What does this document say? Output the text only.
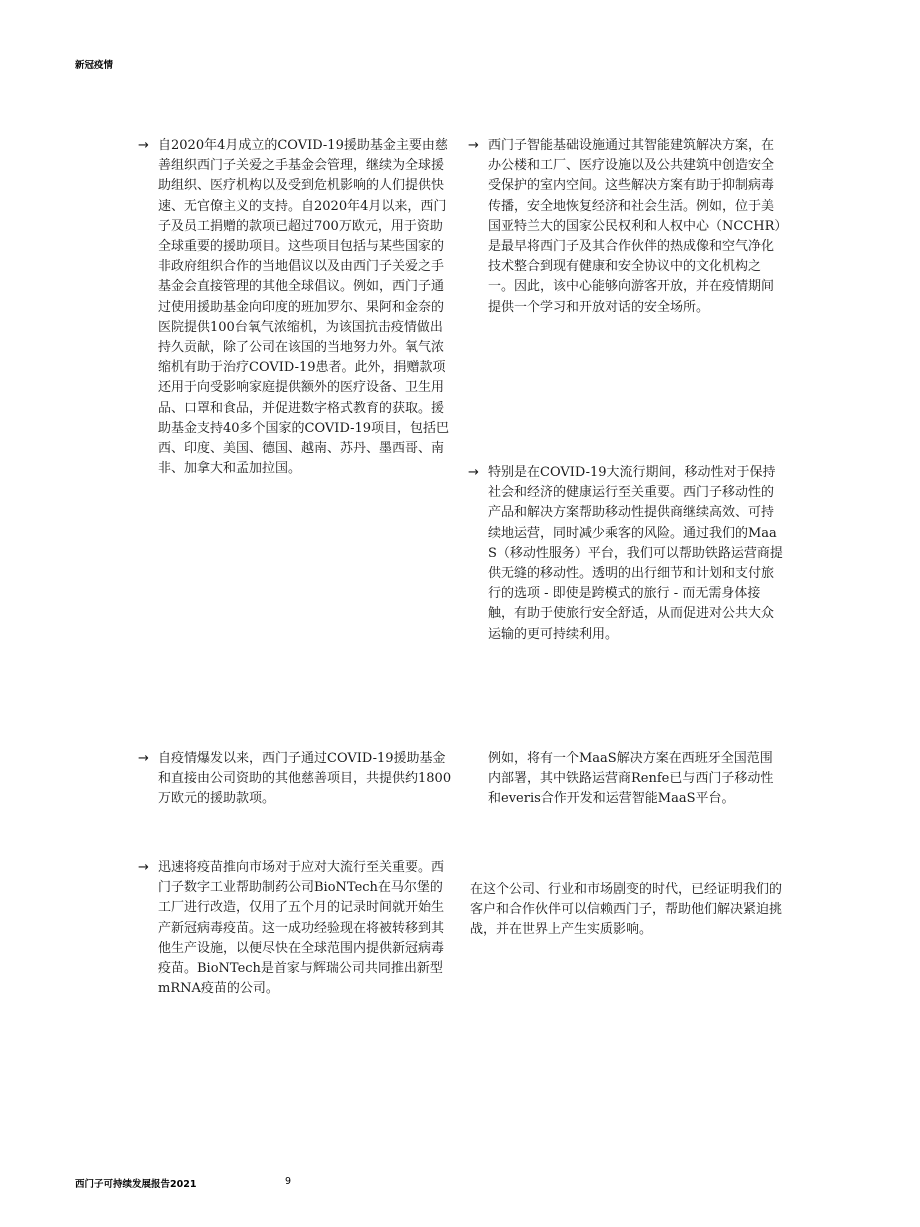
新冠疫情
→ 自2020年4月成立的COVID-19援助基金主要由慈善组织西门子关爱之手基金会管理，继续为全球援助组织、医疗机构以及受到危机影响的人们提供快速、无官僚主义的支持。自2020年4月以来，西门子及员工捐赠的款项已超过700万欧元，用于资助全球重要的援助项目。这些项目包括与某些国家的非政府组织合作的当地倡议以及由西门子关爱之手基金会直接管理的其他全球倡议。例如，西门子通过使用援助基金向印度的班加罗尔、果阿和金奈的医院提供100台氧气浓缩机，为该国抗击疫情做出持久贡献，除了公司在该国的当地努力外。氧气浓缩机有助于治疗COVID-19患者。此外，捐赠款项还用于向受影响家庭提供额外的医疗设备、卫生用品、口罩和食品，并促进数字格式教育的获取。援助基金支持40多个国家的COVID-19项目，包括巴西、印度、美国、德国、越南、苏丹、墨西哥、南非、加拿大和孟加拉国。

→ 自疫情爆发以来，西门子通过COVID-19援助基金和直接由公司资助的其他慈善项目，共提供约1800万欧元的援助款项。

→ 迅速将疫苗推向市场对于应对大流行至关重要。西门子数字工业帮助制药公司BioNTech在马尔堡的工厂进行改造，仅用了五个月的记录时间就开始生产新冠病毒疫苗。这一成功经验现在将被转移到其他生产设施，以便尽快在全球范围内提供新冠病毒疫苗。BioNTech是首家与辉瑞公司共同推出新型mRNA疫苗的公司。

→ 西门子智能基础设施通过其智能建筑解决方案，在办公楼和工厂、医疗设施以及公共建筑中创造安全受保护的室内空间。这些解决方案有助于抑制病毒传播，安全地恢复经济和社会生活。例如，位于美国亚特兰大的国家公民权利和人权中心（NCCHR）是最早将西门子及其合作伙伴的热成像和空气净化技术整合到现有健康和安全协议中的文化机构之一。因此，该中心能够向游客开放，并在疫情期间提供一个学习和开放对话的安全场所。

→ 特别是在COVID-19大流行期间，移动性对于保持社会和经济的健康运行至关重要。西门子移动性的产品和解决方案帮助移动性提供商继续高效、可持续地运营，同时减少乘客的风险。通过我们的MaaS（移动性服务）平台，我们可以帮助铁路运营商提供无缝的移动性。透明的出行细节和计划和支付旅行的选项 - 即使是跨模式的旅行 - 而无需身体接触，有助于使旅行安全舒适，从而促进对公共大众运输的更可持续利用。

例如，将有一个MaaS解决方案在西班牙全国范围内部署，其中铁路运营商Renfe已与西门子移动性和everis合作开发和运营智能MaaS平台。

在这个公司、行业和市场剧变的时代，已经证明我们的客户和合作伙伴可以信赖西门子，帮助他们解决紧迫挑战，并在世界上产生实质影响。

西门子可持续发展报告2021	9
